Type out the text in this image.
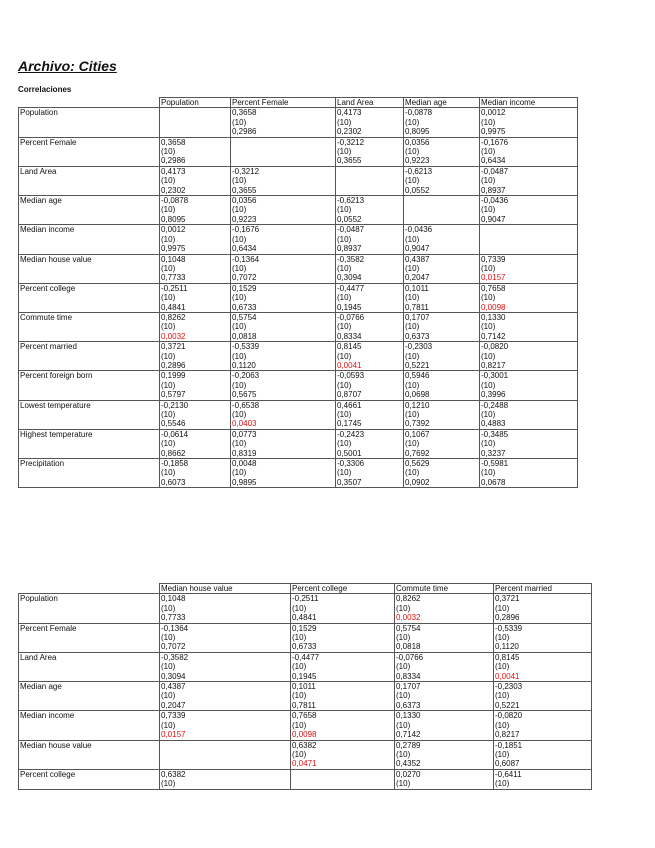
Archivo: Cities
Correlaciones
	Population	Percent Female	Land Area	Median age	Median income
Population		0,3658	0,4173	-0,0878	0,0012
		(10)	(10)	(10)	(10)
		0,2986	0,2302	0,8095	0,9975
Percent Female	0,3658		-0,3212	0,0356	-0,1676
	(10)		(10)	(10)	(10)
	0,2986		0,3655	0,9223	0,6434
Land Area	0,4173	-0,3212		-0,6213	-0,0487
	(10)	(10)		(10)	(10)
	0,2302	0,3655		0,0552	0,8937
Median age	-0,0878	0,0356	-0,6213		-0,0436
	(10)	(10)	(10)		(10)
	0,8095	0,9223	0,0552		0,9047
Median income	0,0012	-0,1676	-0,0487	-0,0436	
	(10)	(10)	(10)	(10)	
	0,9975	0,6434	0,8937	0,9047	
Median house value	0,1048	-0,1364	-0,3582	0,4387	0,7339
	(10)	(10)	(10)	(10)	(10)
	0,7733	0,7072	0,3094	0,2047	0,0157
Percent college	-0,2511	0,1529	-0,4477	0,1011	0,7658
	(10)	(10)	(10)	(10)	(10)
	0,4841	0,6733	0,1945	0,7811	0,0098
Commute time	0,8262	0,5754	-0,0766	0,1707	0,1330
	(10)	(10)	(10)	(10)	(10)
	0,0032	0,0818	0,8334	0,6373	0,7142
Percent married	0,3721	-0,5339	0,8145	-0,2303	-0,0820
	(10)	(10)	(10)	(10)	(10)
	0,2896	0,1120	0,0041	0,5221	0,8217
Percent foreign born	0,1999	-0,2063	-0,0593	0,5946	-0,3001
	(10)	(10)	(10)	(10)	(10)
	0,5797	0,5675	0,8707	0,0698	0,3996
Lowest temperature	-0,2130	-0,6538	0,4661	0,1210	-0,2488
	(10)	(10)	(10)	(10)	(10)
	0,5546	0,0403	0,1745	0,7392	0,4883
Highest temperature	-0,0614	0,0773	-0,2423	0,1067	-0,3485
	(10)	(10)	(10)	(10)	(10)
	0,8662	0,8319	0,5001	0,7692	0,3237
Precipitation	-0,1858	0,0048	-0,3306	0,5629	-0,5981
	(10)	(10)	(10)	(10)	(10)
	0,6073	0,9895	0,3507	0,0902	0,0678
	Median house value	Percent college	Commute time	Percent married
Population	0,1048	-0,2511	0,8262	0,3721
	(10)	(10)	(10)	(10)
	0,7733	0,4841	0,0032	0,2896
Percent Female	-0,1364	0,1529	0,5754	-0,5339
	(10)	(10)	(10)	(10)
	0,7072	0,6733	0,0818	0,1120
Land Area	-0,3582	-0,4477	-0,0766	0,8145
	(10)	(10)	(10)	(10)
	0,3094	0,1945	0,8334	0,0041
Median age	0,4387	0,1011	0,1707	-0,2303
	(10)	(10)	(10)	(10)
	0,2047	0,7811	0,6373	0,5221
Median income	0,7339	0,7658	0,1330	-0,0820
	(10)	(10)	(10)	(10)
	0,0157	0,0098	0,7142	0,8217
Median house value		0,6382	0,2789	-0,1851
		(10)	(10)	(10)
		0,0471	0,4352	0,6087
Percent college	0,6382		0,0270	-0,6411
	(10)		(10)	(10)
